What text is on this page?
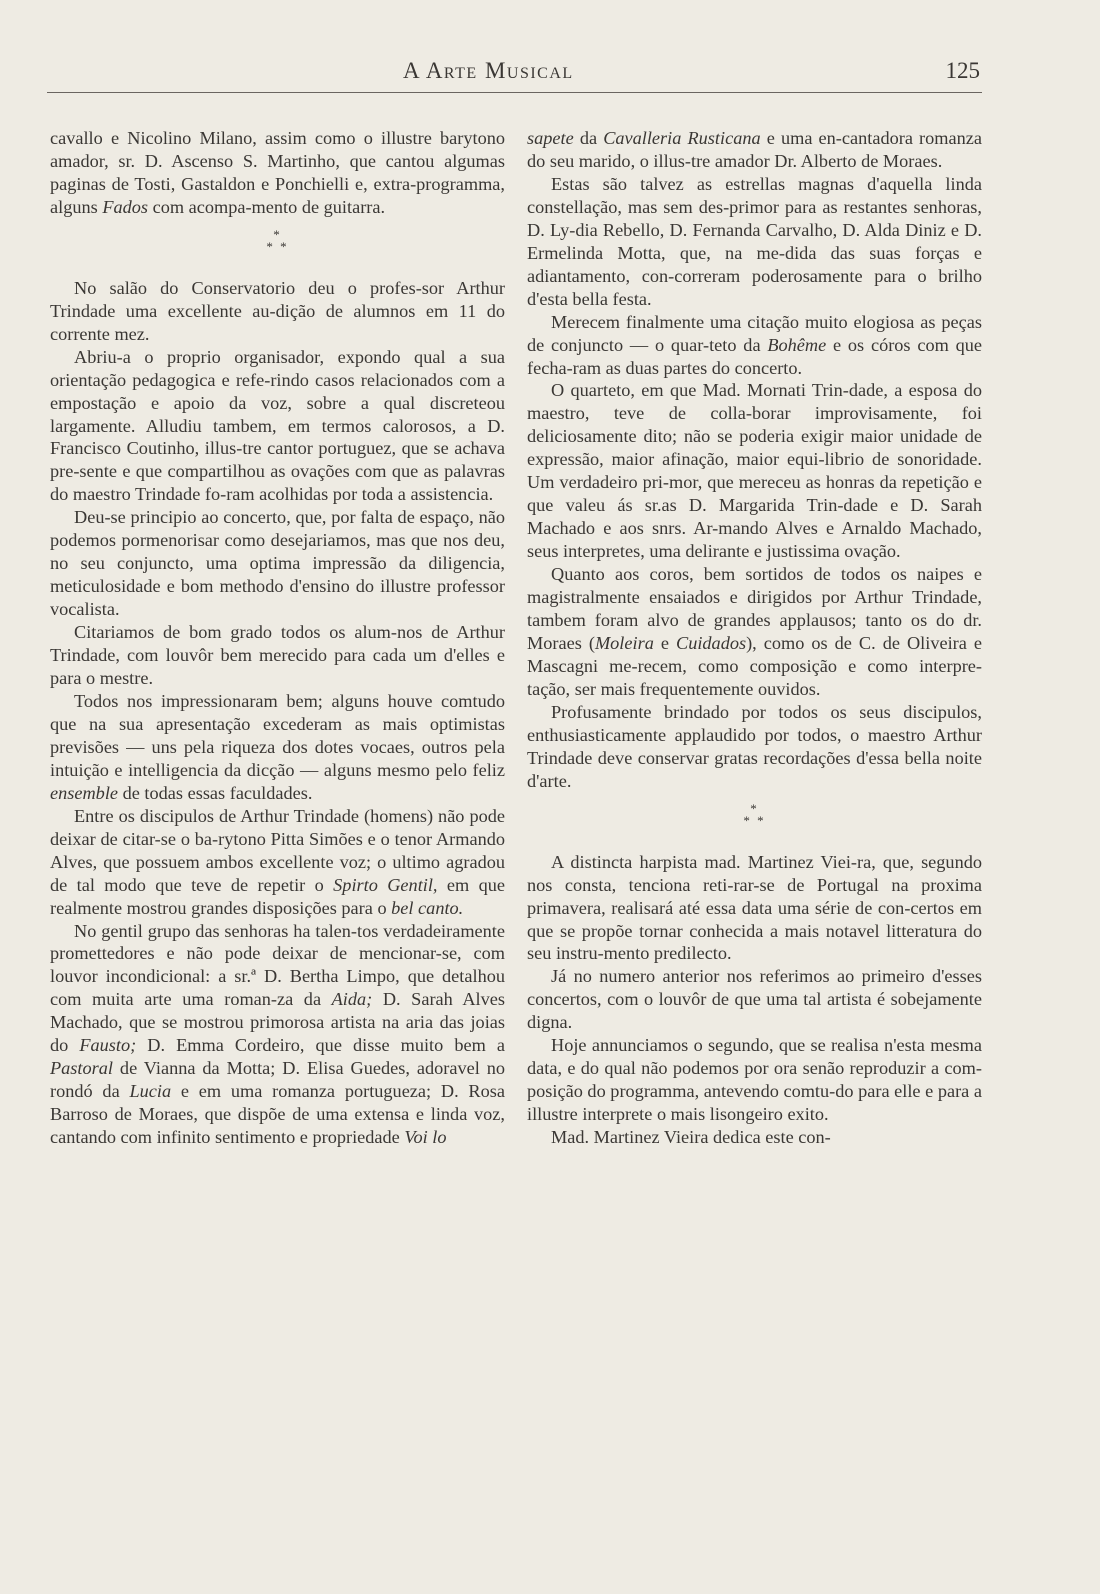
A Arte Musical	125

cavallo e Nicolino Milano, assim como o illustre barytono amador, sr. D. Ascenso S. Martinho, que cantou algumas paginas de Tosti, Gastaldon e Ponchielli e, extra-programma, alguns Fados com acompa-mento de guitarra.

*
* *

No salão do Conservatorio deu o profes-sor Arthur Trindade uma excellente au-dição de alumnos em 11 do corrente mez.

Abriu-a o proprio organisador, expondo qual a sua orientação pedagogica e refe-rindo casos relacionados com a empostação e apoio da voz, sobre a qual discreteou largamente. Alludiu tambem, em termos calorosos, a D. Francisco Coutinho, illus-tre cantor portuguez, que se achava pre-sente e que compartilhou as ovações com que as palavras do maestro Trindade fo-ram acolhidas por toda a assistencia.

Deu-se principio ao concerto, que, por falta de espaço, não podemos pormenorisar como desejariamos, mas que nos deu, no seu conjuncto, uma optima impressão da diligencia, meticulosidade e bom methodo d'ensino do illustre professor vocalista.

Citariamos de bom grado todos os alum-nos de Arthur Trindade, com louvôr bem merecido para cada um d'elles e para o mestre.

Todos nos impressionaram bem; alguns houve comtudo que na sua apresentação excederam as mais optimistas previsões — uns pela riqueza dos dotes vocaes, outros pela intuição e intelligencia da dicção — alguns mesmo pelo feliz ensemble de todas essas faculdades.

Entre os discipulos de Arthur Trindade (homens) não pode deixar de citar-se o ba-rytono Pitta Simões e o tenor Armando Alves, que possuem ambos excellente voz; o ultimo agradou de tal modo que teve de repetir o Spirto Gentil, em que realmente mostrou grandes disposições para o bel canto.

No gentil grupo das senhoras ha talen-tos verdadeiramente promettedores e não pode deixar de mencionar-se, com louvor incondicional: a sr.ª D. Bertha Limpo, que detalhou com muita arte uma roman-za da Aida; D. Sarah Alves Machado, que se mostrou primorosa artista na aria das joias do Fausto; D. Emma Cordeiro, que disse muito bem a Pastoral de Vianna da Motta; D. Elisa Guedes, adoravel no rondó da Lucia e em uma romanza portugueza; D. Rosa Barroso de Moraes, que dispõe de uma extensa e linda voz, cantando com infinito sentimento e propriedade Voi lo

sapete da Cavalleria Rusticana e uma en-cantadora romanza do seu marido, o illus-tre amador Dr. Alberto de Moraes.

Estas são talvez as estrellas magnas d'aquella linda constellação, mas sem des-primor para as restantes senhoras, D. Ly-dia Rebello, D. Fernanda Carvalho, D. Alda Diniz e D. Ermelinda Motta, que, na me-dida das suas forças e adiantamento, con-correram poderosamente para o brilho d'esta bella festa.

Merecem finalmente uma citação muito elogiosa as peças de conjuncto — o quar-teto da Bohême e os córos com que fecha-ram as duas partes do concerto.

O quarteto, em que Mad. Mornati Trin-dade, a esposa do maestro, teve de colla-borar improvisamente, foi deliciosamente dito; não se poderia exigir maior unidade de expressão, maior afinação, maior equi-librio de sonoridade. Um verdadeiro pri-mor, que mereceu as honras da repetição e que valeu ás sr.as D. Margarida Trin-dade e D. Sarah Machado e aos snrs. Ar-mando Alves e Arnaldo Machado, seus interpretes, uma delirante e justissima ovação.

Quanto aos coros, bem sortidos de todos os naipes e magistralmente ensaiados e dirigidos por Arthur Trindade, tambem foram alvo de grandes applausos; tanto os do dr. Moraes (Moleira e Cuidados), como os de C. de Oliveira e Mascagni me-recem, como composição e como interpre-tação, ser mais frequentemente ouvidos.

Profusamente brindado por todos os seus discipulos, enthusiasticamente applaudido por todos, o maestro Arthur Trindade deve conservar gratas recordações d'essa bella noite d'arte.

*
* *

A distincta harpista mad. Martinez Viei-ra, que, segundo nos consta, tenciona reti-rar-se de Portugal na proxima primavera, realisará até essa data uma série de con-certos em que se propõe tornar conhecida a mais notavel litteratura do seu instru-mento predilecto.

Já no numero anterior nos referimos ao primeiro d'esses concertos, com o louvôr de que uma tal artista é sobejamente digna.

Hoje annunciamos o segundo, que se realisa n'esta mesma data, e do qual não podemos por ora senão reproduzir a com-posição do programma, antevendo comtu-do para elle e para a illustre interprete o mais lisongeiro exito.

Mad. Martinez Vieira dedica este con-
